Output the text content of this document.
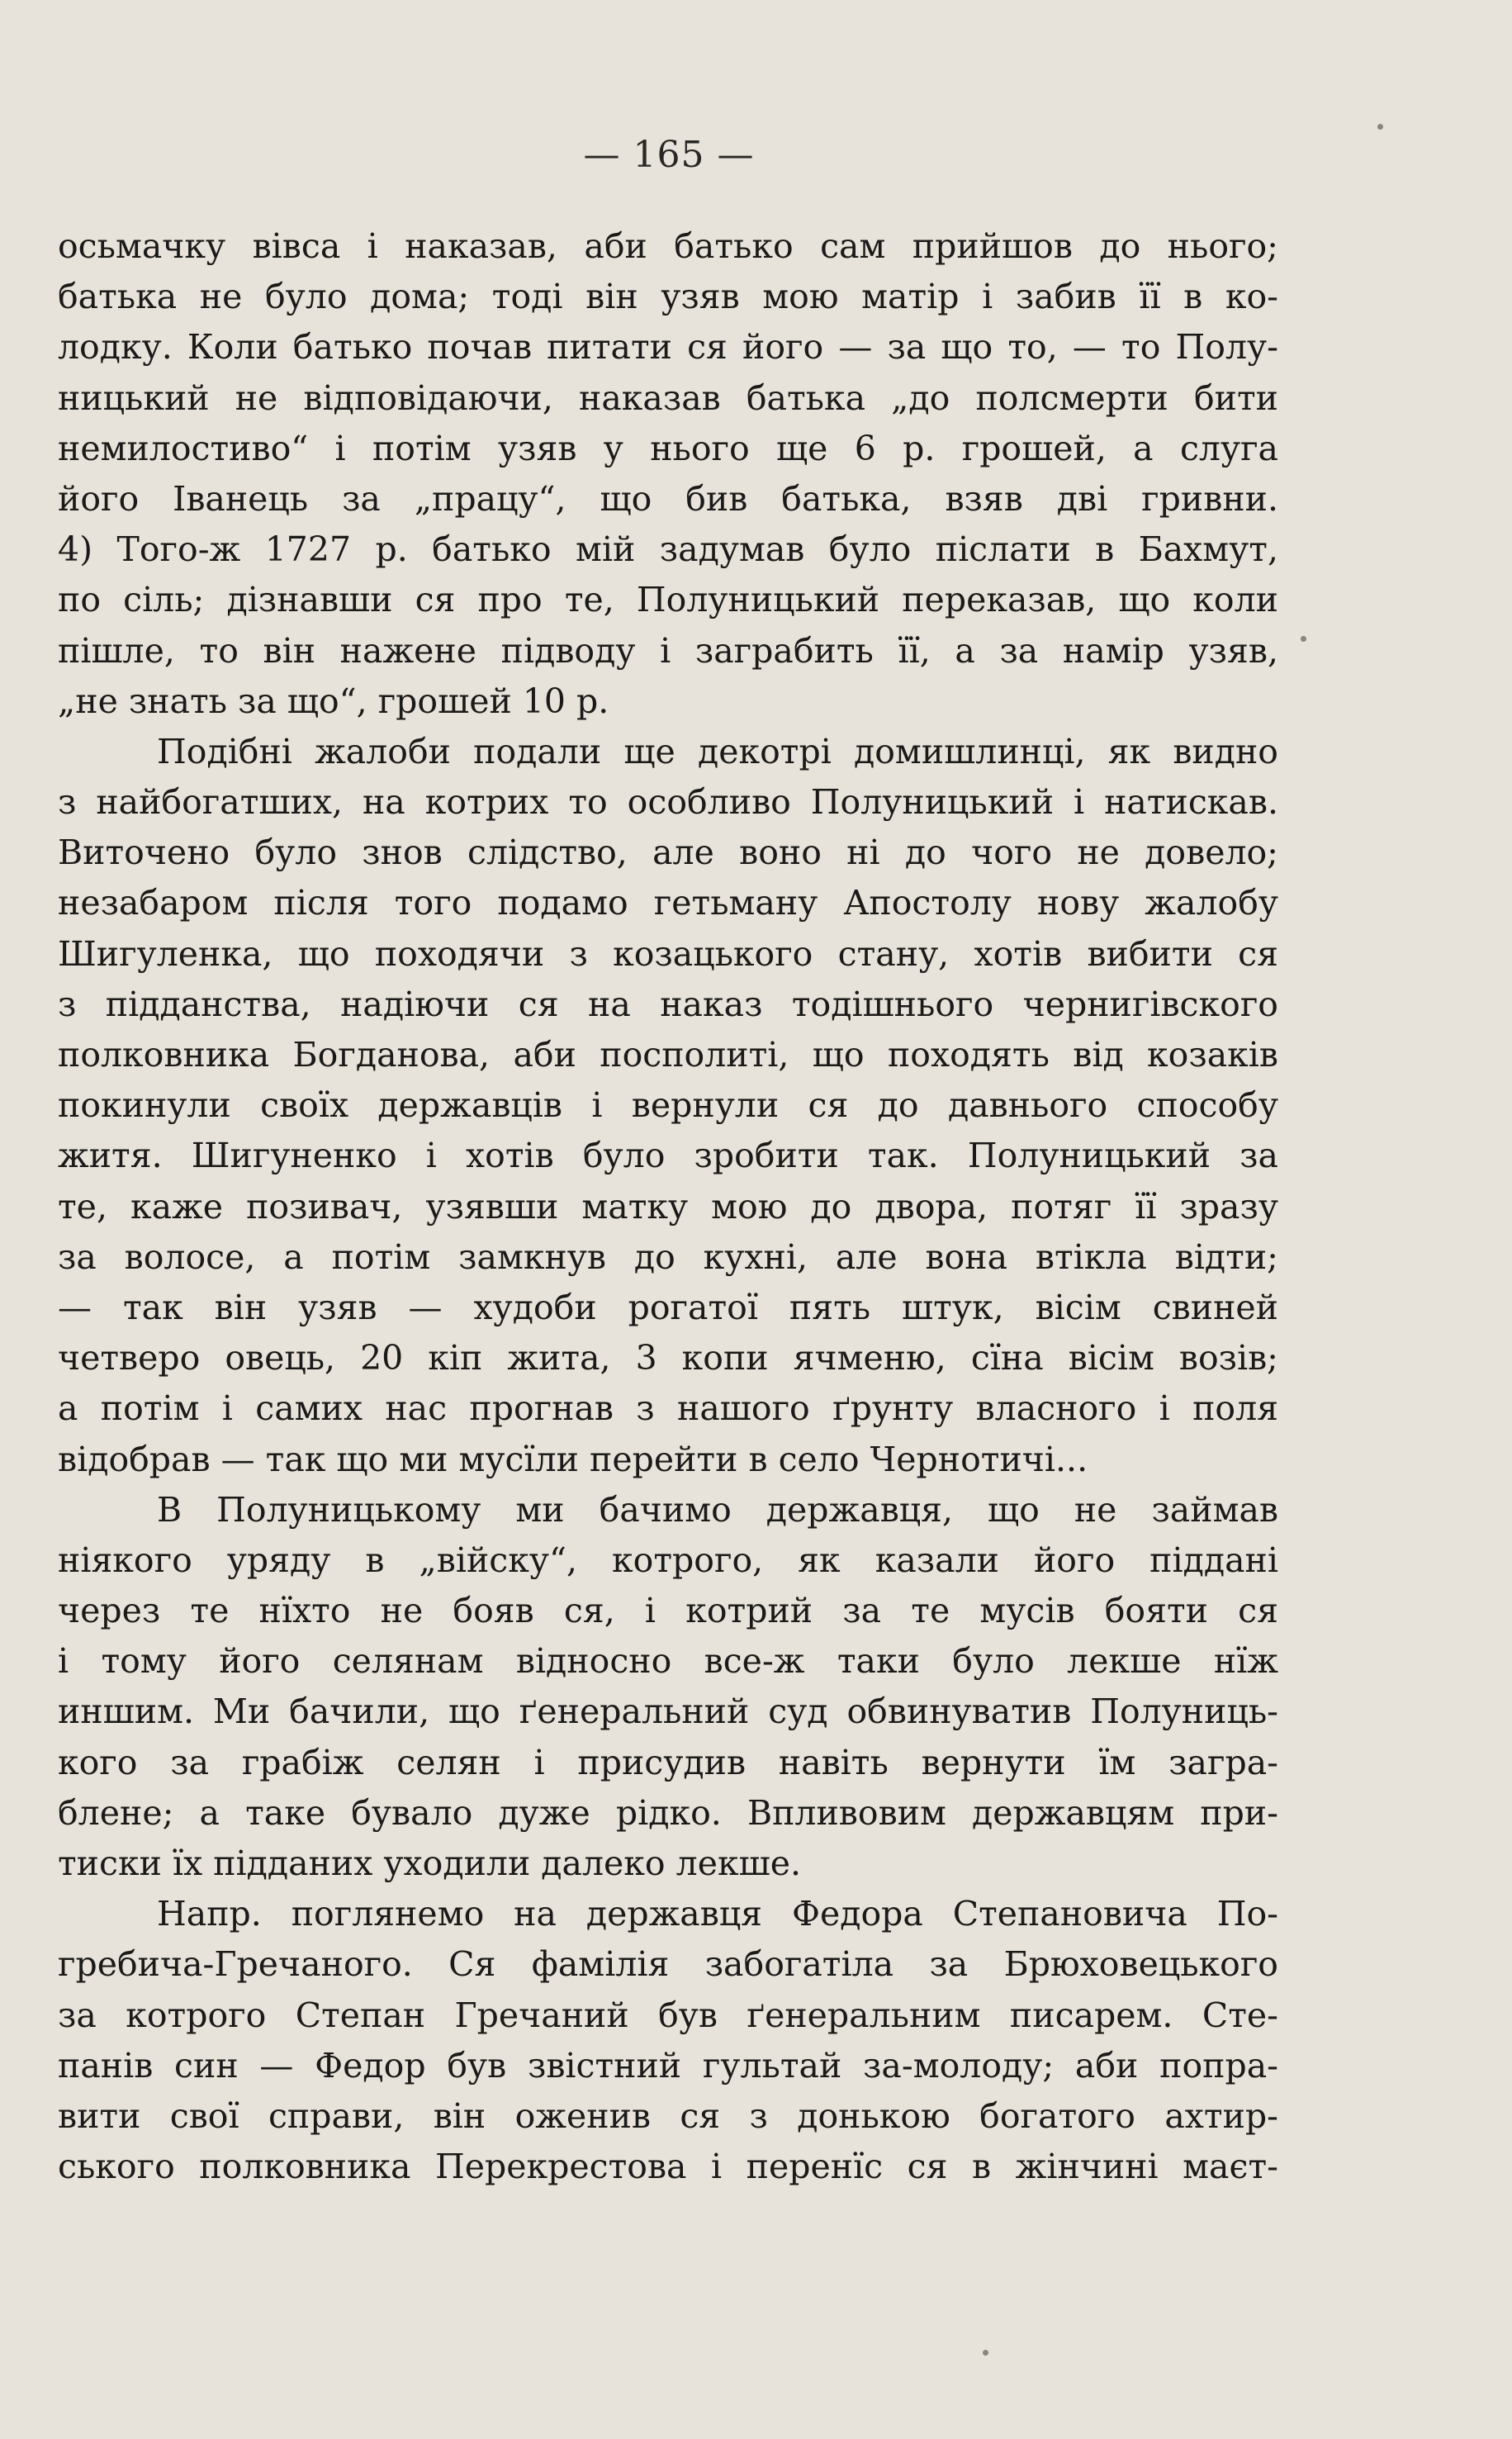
— 165 —
осьмачку вівса і наказав, аби батько сам прийшов до нього;
батька не було дома; тоді він узяв мою матір і забив її в ко-
лодку. Коли батько почав питати ся його — за що то, — то Полу-
ницький не відповідаючи, наказав батька „до полсмерти бити
немилостиво“ і потім узяв у нього ще 6 р. грошей, а слуга
його Іванець за „працу“, що бив батька, взяв дві гривни.
4) Того-ж 1727 р. батько мій задумав було післати в Бахмут,
по сіль; дізнавши ся про те, Полуницький переказав, що коли
пішле, то він нажене підводу і заграбить її, а за намір узяв,
„не знать за що“, грошей 10 р.
Подібні жалоби подали ще декотрі домишлинці, як видно
з найбогатших, на котрих то особливо Полуницький і натискав.
Виточено було знов слідство, але воно ні до чого не довело;
незабаром після того подамо гетьману Апостолу нову жалобу
Шигуленка, що походячи з козацького стану, хотів вибити ся
з підданства, надіючи ся на наказ тодішнього чернигівского
полковника Богданова, аби посполиті, що походять від козаків
покинули своїх державців і вернули ся до давнього способу
житя. Шигуненко і хотів було зробити так. Полуницький за
те, каже позивач, узявши матку мою до двора, потяг її зразу
за волосе, а потім замкнув до кухні, але вона втікла відти;
— так він узяв — худоби рогатої пять штук, вісім свиней
четверо овець, 20 кіп жита, 3 копи ячменю, сїна вісім возів;
а потім і самих нас прогнав з нашого ґрунту власного і поля
відобрав — так що ми мусїли перейти в село Чернотичі...
В Полуницькому ми бачимо державця, що не займав
ніякого уряду в „війску“, котрого, як казали його піддані
через те нїхто не бояв ся, і котрий за те мусів бояти ся
і тому його селянам відносно все-ж таки було лекше нїж
иншим. Ми бачили, що ґенеральний суд обвинуватив Полуниць-
кого за грабіж селян і присудив навіть вернути їм загра-
блене; а таке бувало дуже рідко. Впливовим державцям при-
тиски їх підданих уходили далеко лекше.
Напр. поглянемо на державця Федора Степановича По-
гребича-Гречаного. Ся фамілія забогатіла за Брюховецького
за котрого Степан Гречаний був ґенеральним писарем. Сте-
панів син — Федор був звістний гультай за-молоду; аби попра-
вити свої справи, він оженив ся з донькою богатого ахтир-
ського полковника Перекрестова і перенїс ся в жінчині маєт-
